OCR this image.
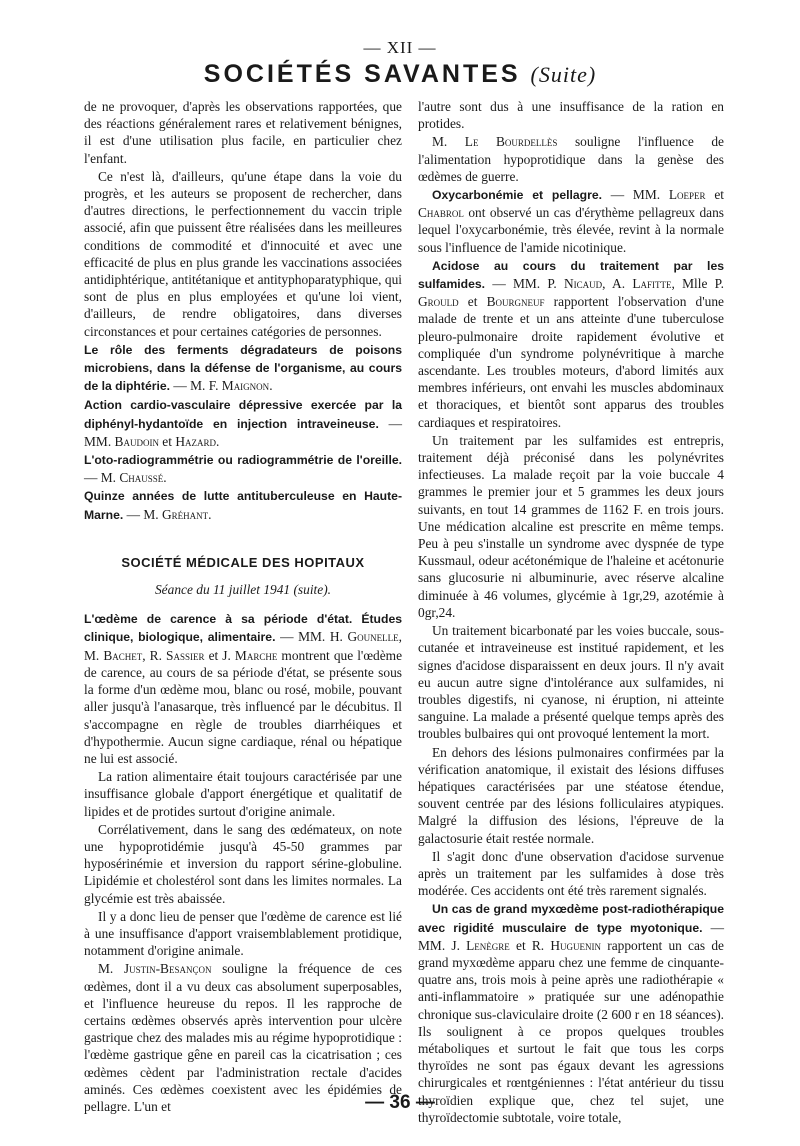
— XII —
SOCIÉTÉS SAVANTES (Suite)

de ne provoquer, d'après les observations rapportées, que des réactions généralement rares et relativement bénignes, il est d'une utilisation plus facile, en particulier chez l'enfant.

Ce n'est là, d'ailleurs, qu'une étape dans la voie du progrès, et les auteurs se proposent de rechercher, dans d'autres directions, le perfectionnement du vaccin triple associé, afin que puissent être réalisées dans les meilleures conditions de commodité et d'innocuité et avec une efficacité de plus en plus grande les vaccinations associées antidiphtérique, antitétanique et antityphoparatyphique, qui sont de plus en plus employées et qu'une loi vient, d'ailleurs, de rendre obligatoires, dans diverses circonstances et pour certaines catégories de personnes.

Le rôle des ferments dégradateurs de poisons microbiens, dans la défense de l'organisme, au cours de la diphtérie. — M. F. Maignon.

Action cardio-vasculaire dépressive exercée par la diphényl-hydantoïde en injection intraveineuse. — MM. Baudoin et Hazard.

L'oto-radiogrammétrie ou radiogrammétrie de l'oreille. — M. Chaussé.

Quinze années de lutte antituberculeuse en Haute-Marne. — M. Gréhant.

SOCIÉTÉ MÉDICALE DES HOPITAUX
Séance du 11 juillet 1941 (suite).

L'œdème de carence à sa période d'état. Études clinique, biologique, alimentaire. — MM. H. Gounelle, M. Bachet, R. Sassier et J. Marche montrent que l'œdème de carence, au cours de sa période d'état, se présente sous la forme d'un œdème mou, blanc ou rosé, mobile, pouvant aller jusqu'à l'anasarque, très influencé par le décubitus. Il s'accompagne en règle de troubles diarrhéiques et d'hypothermie. Aucun signe cardiaque, rénal ou hépatique ne lui est associé.

La ration alimentaire était toujours caractérisée par une insuffisance globale d'apport énergétique et qualitatif de lipides et de protides surtout d'origine animale.

Corrélativement, dans le sang des œdémateux, on note une hypoprotidémie jusqu'à 45-50 grammes par hyposérinémie et inversion du rapport sérine-globuline. Lipidémie et cholestérol sont dans les limites normales. La glycémie est très abaissée.

Il y a donc lieu de penser que l'œdème de carence est lié à une insuffisance d'apport vraisemblablement protidique, notamment d'origine animale.

M. Justin-Besançon souligne la fréquence de ces œdèmes, dont il a vu deux cas absolument superposables, et l'influence heureuse du repos. Il les rapproche de certains œdèmes observés après intervention pour ulcère gastrique chez des malades mis au régime hypoprotidique : l'œdème gastrique gêne en pareil cas la cicatrisation ; ces œdèmes cèdent par l'administration rectale d'acides aminés. Ces œdèmes coexistent avec les épidémies de pellagre. L'un et

l'autre sont dus à une insuffisance de la ration en protides.

M. Le Bourdellès souligne l'influence de l'alimentation hypoprotidique dans la genèse des œdèmes de guerre.

Oxycarbonémie et pellagre. — MM. Loeper et Chabrol ont observé un cas d'érythème pellagreux dans lequel l'oxycarbonémie, très élevée, revint à la normale sous l'influence de l'amide nicotinique.

Acidose au cours du traitement par les sulfamides. — MM. P. Nicaud, A. Lafitte, Mlle P. Grould et Bourgneuf rapportent l'observation d'une malade de trente et un ans atteinte d'une tuberculose pleuro-pulmonaire droite rapidement évolutive et compliquée d'un syndrome polynévritique à marche ascendante. Les troubles moteurs, d'abord limités aux membres inférieurs, ont envahi les muscles abdominaux et thoraciques, et bientôt sont apparus des troubles cardiaques et respiratoires.

Un traitement par les sulfamides est entrepris, traitement déjà préconisé dans les polynévrites infectieuses. La malade reçoit par la voie buccale 4 grammes le premier jour et 5 grammes les deux jours suivants, en tout 14 grammes de 1162 F. en trois jours. Une médication alcaline est prescrite en même temps. Peu à peu s'installe un syndrome avec dyspnée de type Kussmaul, odeur acétonémique de l'haleine et acétonurie sans glucosurie ni albuminurie, avec réserve alcaline diminuée à 46 volumes, glycémie à 1gr,29, azotémie à 0gr,24.

Un traitement bicarbonaté par les voies buccale, sous-cutanée et intraveineuse est institué rapidement, et les signes d'acidose disparaissent en deux jours. Il n'y avait eu aucun autre signe d'intolérance aux sulfamides, ni troubles digestifs, ni cyanose, ni éruption, ni atteinte sanguine. La malade a présenté quelque temps après des troubles bulbaires qui ont provoqué lentement la mort.

En dehors des lésions pulmonaires confirmées par la vérification anatomique, il existait des lésions diffuses hépatiques caractérisées par une stéatose étendue, souvent centrée par des lésions folliculaires atypiques. Malgré la diffusion des lésions, l'épreuve de la galactosurie était restée normale.

Il s'agit donc d'une observation d'acidose survenue après un traitement par les sulfamides à dose très modérée. Ces accidents ont été très rarement signalés.

Un cas de grand myxœdème post-radiothérapique avec rigidité musculaire de type myotonique. — MM. J. Lenègre et R. Huguenin rapportent un cas de grand myxœdème apparu chez une femme de cinquante-quatre ans, trois mois à peine après une radiothérapie « anti-inflammatoire » pratiquée sur une adénopathie chronique sus-claviculaire droite (2 600 r en 18 séances). Ils soulignent à ce propos quelques troubles métaboliques et surtout le fait que tous les corps thyroïdes ne sont pas égaux devant les agressions chirurgicales et rœntgéniennes : l'état antérieur du tissu thyroïdien explique que, chez tel sujet, une thyroïdectomie subtotale, voire totale,

— 36 —
